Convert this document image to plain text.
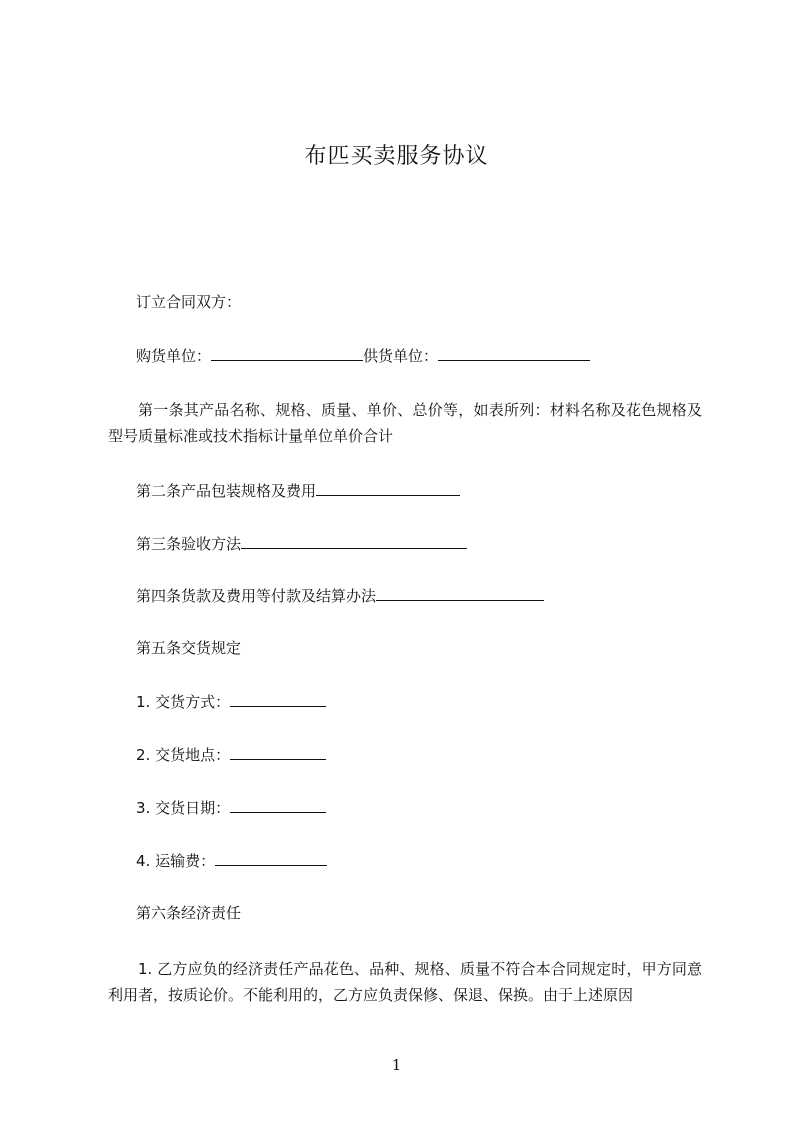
布匹买卖服务协议
订立合同双方：
购货单位：	供货单位：
第一条其产品名称、规格、质量、单价、总价等，如表所列：材料名称及花色规格及型号质量标准或技术指标计量单位单价合计
第二条产品包装规格及费用
第三条验收方法
第四条货款及费用等付款及结算办法
第五条交货规定
1. 交货方式：
2. 交货地点：
3. 交货日期：
4. 运输费：
第六条经济责任
1. 乙方应负的经济责任产品花色、品种、规格、质量不符合本合同规定时，甲方同意利用者，按质论价。不能利用的，乙方应负责保修、保退、保换。由于上述原因
1
